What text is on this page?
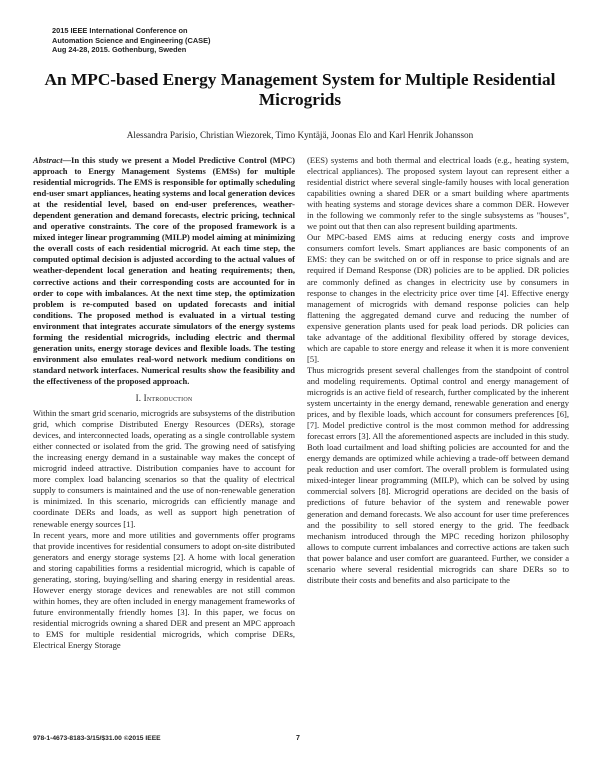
2015 IEEE International Conference on
Automation Science and Engineering (CASE)
Aug 24-28, 2015. Gothenburg, Sweden
An MPC-based Energy Management System for Multiple Residential Microgrids
Alessandra Parisio, Christian Wiezorek, Timo Kyntäjä, Joonas Elo and Karl Henrik Johansson

Abstract—In this study we present a Model Predictive Control (MPC) approach to Energy Management Systems (EMSs) for multiple residential microgrids. The EMS is responsible for optimally scheduling end-user smart appliances, heating systems and local generation devices at the residential level, based on end-user preferences, weather-dependent generation and demand forecasts, electric pricing, technical and operative constraints. The core of the proposed framework is a mixed integer linear programming (MILP) model aiming at minimizing the overall costs of each residential microgrid. At each time step, the computed optimal decision is adjusted according to the actual values of weather-dependent local generation and heating requirements; then, corrective actions and their corresponding costs are accounted for in order to cope with imbalances. At the next time step, the optimization problem is re-computed based on updated forecasts and initial conditions. The proposed method is evaluated in a virtual testing environment that integrates accurate simulators of the energy systems forming the residential microgrids, including electric and thermal generation units, energy storage devices and flexible loads. The testing environment also emulates real-word network medium conditions on standard network interfaces. Numerical results show the feasibility and the effectiveness of the proposed approach.

I. Introduction

Within the smart grid scenario, microgrids are subsystems of the distribution grid, which comprise Distributed Energy Resources (DERs), storage devices, and interconnected loads, operating as a single controllable system either connected or isolated from the grid. The growing need of satisfying the increasing energy demand in a sustainable way makes the concept of microgrid indeed attractive. Distribution companies have to account for more complex load balancing scenarios so that the quality of electrical supply to consumers is maintained and the use of non-renewable generation is minimized. In this scenario, microgrids can efficiently manage and coordinate DERs and loads, as well as support high penetration of renewable energy sources [1].

In recent years, more and more utilities and governments offer programs that provide incentives for residential consumers to adopt on-site distributed generators and energy storage systems [2]. A home with local generation and storing capabilities forms a residential microgrid, which is capable of generating, storing, buying/selling and sharing energy in residential areas. However energy storage devices and renewables are not still common within homes, they are often included in energy management frameworks of future environmentally friendly homes [3]. In this paper, we focus on residential microgrids owning a shared DER and present an MPC approach to EMS for multiple residential microgrids, which comprise DERs, Electrical Energy Storage

(EES) systems and both thermal and electrical loads (e.g., heating system, electrical appliances). The proposed system layout can represent either a residential district where several single-family houses with local generation capabilities owning a shared DER or a smart building where apartments with heating systems and storage devices share a common DER. However in the following we commonly refer to the single subsystems as "houses", we point out that then can also represent building apartments.

Our MPC-based EMS aims at reducing energy costs and improve consumers comfort levels. Smart appliances are basic components of an EMS: they can be switched on or off in response to price signals and are required if Demand Response (DR) policies are to be applied. DR policies are commonly defined as changes in electricity use by consumers in response to changes in the electricity price over time [4]. Effective energy management of microgrids with demand response policies can help flattening the aggregated demand curve and reducing the number of expensive generation plants used for peak load periods. DR policies can take advantage of the additional flexibility offered by storage devices, which are capable to store energy and release it when it is more convenient [5].

Thus microgrids present several challenges from the standpoint of control and modeling requirements. Optimal control and energy management of microgrids is an active field of research, further complicated by the inherent system uncertainty in the energy demand, renewable generation and energy prices, and by flexible loads, which account for consumers preferences [6], [7]. Model predictive control is the most common method for addressing forecast errors [3]. All the aforementioned aspects are included in this study. Both load curtailment and load shifting policies are accounted for and the energy demands are optimized while achieving a trade-off between demand peak reduction and user comfort. The overall problem is formulated using mixed-integer linear programming (MILP), which can be solved by using commercial solvers [8]. Microgrid operations are decided on the basis of predictions of future behavior of the system and renewable power generation and demand forecasts. We also account for user time preferences and the possibility to sell stored energy to the grid. The feedback mechanism introduced through the MPC receding horizon philosophy allows to compute current imbalances and corrective actions are taken such that power balance and user comfort are guaranteed. Further, we consider a scenario where several residential microgrids can share DERs so to distribute their costs and benefits and also participate to the

978-1-4673-8183-3/15/$31.00 ©2015 IEEE	7
